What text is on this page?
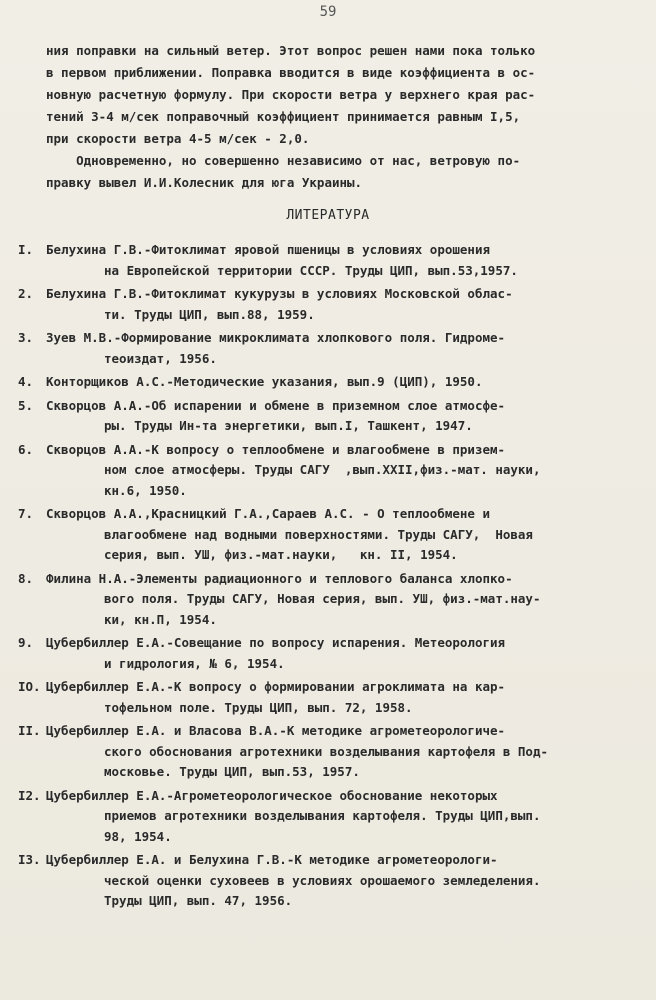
59
ния поправки на сильный ветер. Этот вопрос решен нами пока только
в первом приближении. Поправка вводится в виде коэффициента в ос-
новную расчетную формулу. При скорости ветра у верхнего края рас-
тений 3-4 м/сек поправочный коэффициент принимается равным I,5,
при скорости ветра 4-5 м/сек - 2,0.
Одновременно, но совершенно независимо от нас, ветровую по-
правку вывел И.И.Колесник для юга Украины.
ЛИТЕРАТУРА
I.	Белухина Г.В.-Фитоклимат яровой пшеницы в условиях орошения
на Европейской территории СССР. Труды ЦИП, вып.53,1957.
2.	Белухина Г.В.-Фитоклимат кукурузы в условиях Московской облас-
ти. Труды ЦИП, вып.88, 1959.
3.	Зуев М.В.-Формирование микроклимата хлопкового поля. Гидроме-
теоиздат, 1956.
4.	Конторщиков А.С.-Методические указания, вып.9 (ЦИП), 1950.
5.	Скворцов А.А.-Об испарении и обмене в приземном слое атмосфе-
ры. Труды Ин-та энергетики, вып.I, Ташкент, 1947.
6.	Скворцов А.А.-К вопросу о теплообмене и влагообмене в призем-
ном слое атмосферы. Труды САГУ  ,вып.XXII,физ.-мат. науки,
кн.6, 1950.
7.	Скворцов А.А.,Красницкий Г.А.,Сараев А.С. - О теплообмене и
влагообмене над водными поверхностями. Труды САГУ,  Новая
серия, вып. УШ, физ.-мат.науки,   кн. II, 1954.
8.	Филина Н.А.-Элементы радиационного и теплового баланса хлопко-
вого поля. Труды САГУ, Новая серия, вып. УШ, физ.-мат.нау-
ки, кн.П, 1954.
9.	Цубербиллер Е.А.-Совещание по вопросу испарения. Метеорология
и гидрология, № 6, 1954.
IO. Цубербиллер Е.А.-К вопросу о формировании агроклимата на кар-
тофельном поле. Труды ЦИП, вып. 72, 1958.
II. Цубербиллер Е.А. и Власова В.А.-К методике агрометеорологиче-
ского обоснования агротехники возделывания картофеля в Под-
московье. Труды ЦИП, вып.53, 1957.
I2. Цубербиллер Е.А.-Агрометеорологическое обоснование некоторых
приемов агротехники возделывания картофеля. Труды ЦИП,вып.
98, 1954.
I3. Цубербиллер Е.А. и Белухина Г.В.-К методике агрометеорологи-
ческой оценки суховеев в условиях орошаемого земледеления.
Труды ЦИП, вып. 47, 1956.
